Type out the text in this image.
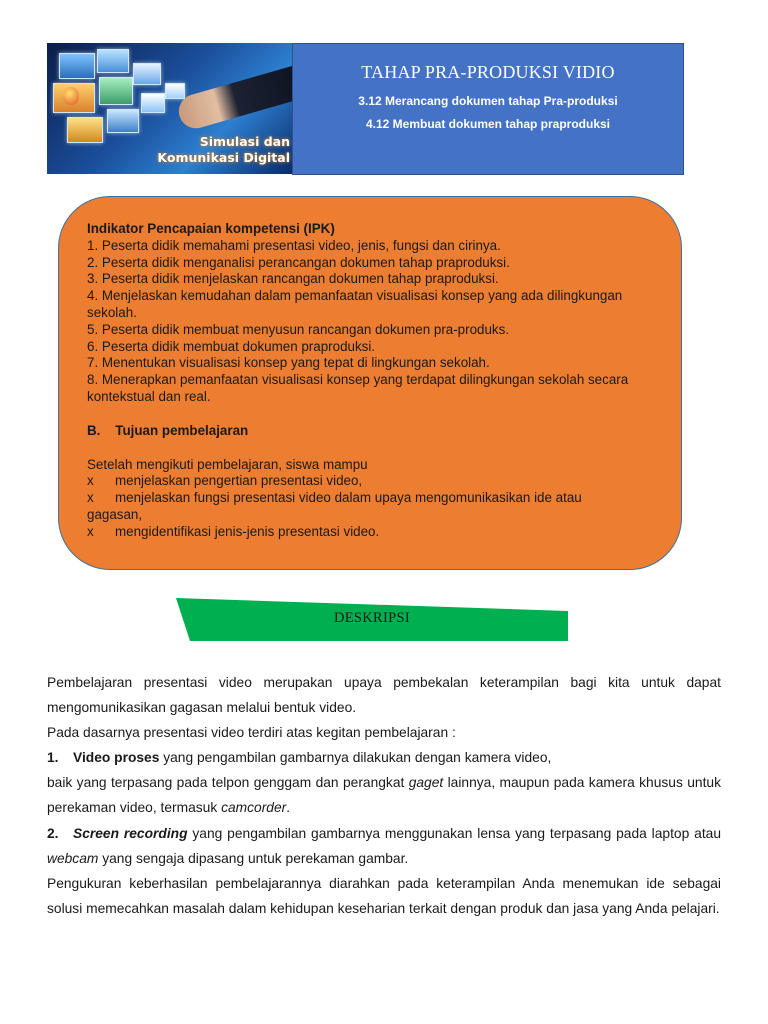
Simulasi dan
Komunikasi Digital
TAHAP PRA-PRODUKSI VIDIO
3.12 Merancang dokumen tahap Pra-produksi
4.12 Membuat dokumen tahap praproduksi
Indikator Pencapaian kompetensi (IPK)
1. Peserta didik memahami presentasi video, jenis, fungsi dan cirinya.
2. Peserta didik menganalisi perancangan dokumen tahap praproduksi.
3. Peserta didik menjelaskan rancangan dokumen tahap praproduksi.
4. Menjelaskan kemudahan dalam pemanfaatan visualisasi konsep yang ada dilingkungan sekolah.
5. Peserta didik membuat menyusun rancangan dokumen pra-produks.
6. Peserta didik membuat dokumen praproduksi.
7. Menentukan visualisasi konsep yang tepat di lingkungan sekolah.
8. Menerapkan pemanfaatan visualisasi konsep yang terdapat dilingkungan sekolah secara kontekstual dan real.
B.    Tujuan pembelajaran
Setelah mengikuti pembelajaran, siswa mampu
x	menjelaskan pengertian presentasi video,
x	menjelaskan fungsi presentasi video dalam upaya mengomunikasikan ide atau gagasan,
x	mengidentifikasi jenis-jenis presentasi video.
DESKRIPSI

Pembelajaran presentasi video merupakan upaya pembekalan keterampilan bagi kita untuk dapat mengomunikasikan gagasan melalui bentuk video.

Pada dasarnya presentasi video terdiri atas kegitan pembelajaran :

1. Video proses yang pengambilan gambarnya dilakukan dengan kamera video,

baik yang terpasang pada telpon genggam dan perangkat gaget lainnya, maupun pada kamera khusus untuk perekaman video, termasuk camcorder.

2. Screen recording yang pengambilan gambarnya menggunakan lensa yang terpasang pada laptop atau webcam yang sengaja dipasang untuk perekaman gambar.

Pengukuran keberhasilan pembelajarannya diarahkan pada keterampilan Anda menemukan ide sebagai solusi memecahkan masalah dalam kehidupan keseharian terkait dengan produk dan jasa yang Anda pelajari.
